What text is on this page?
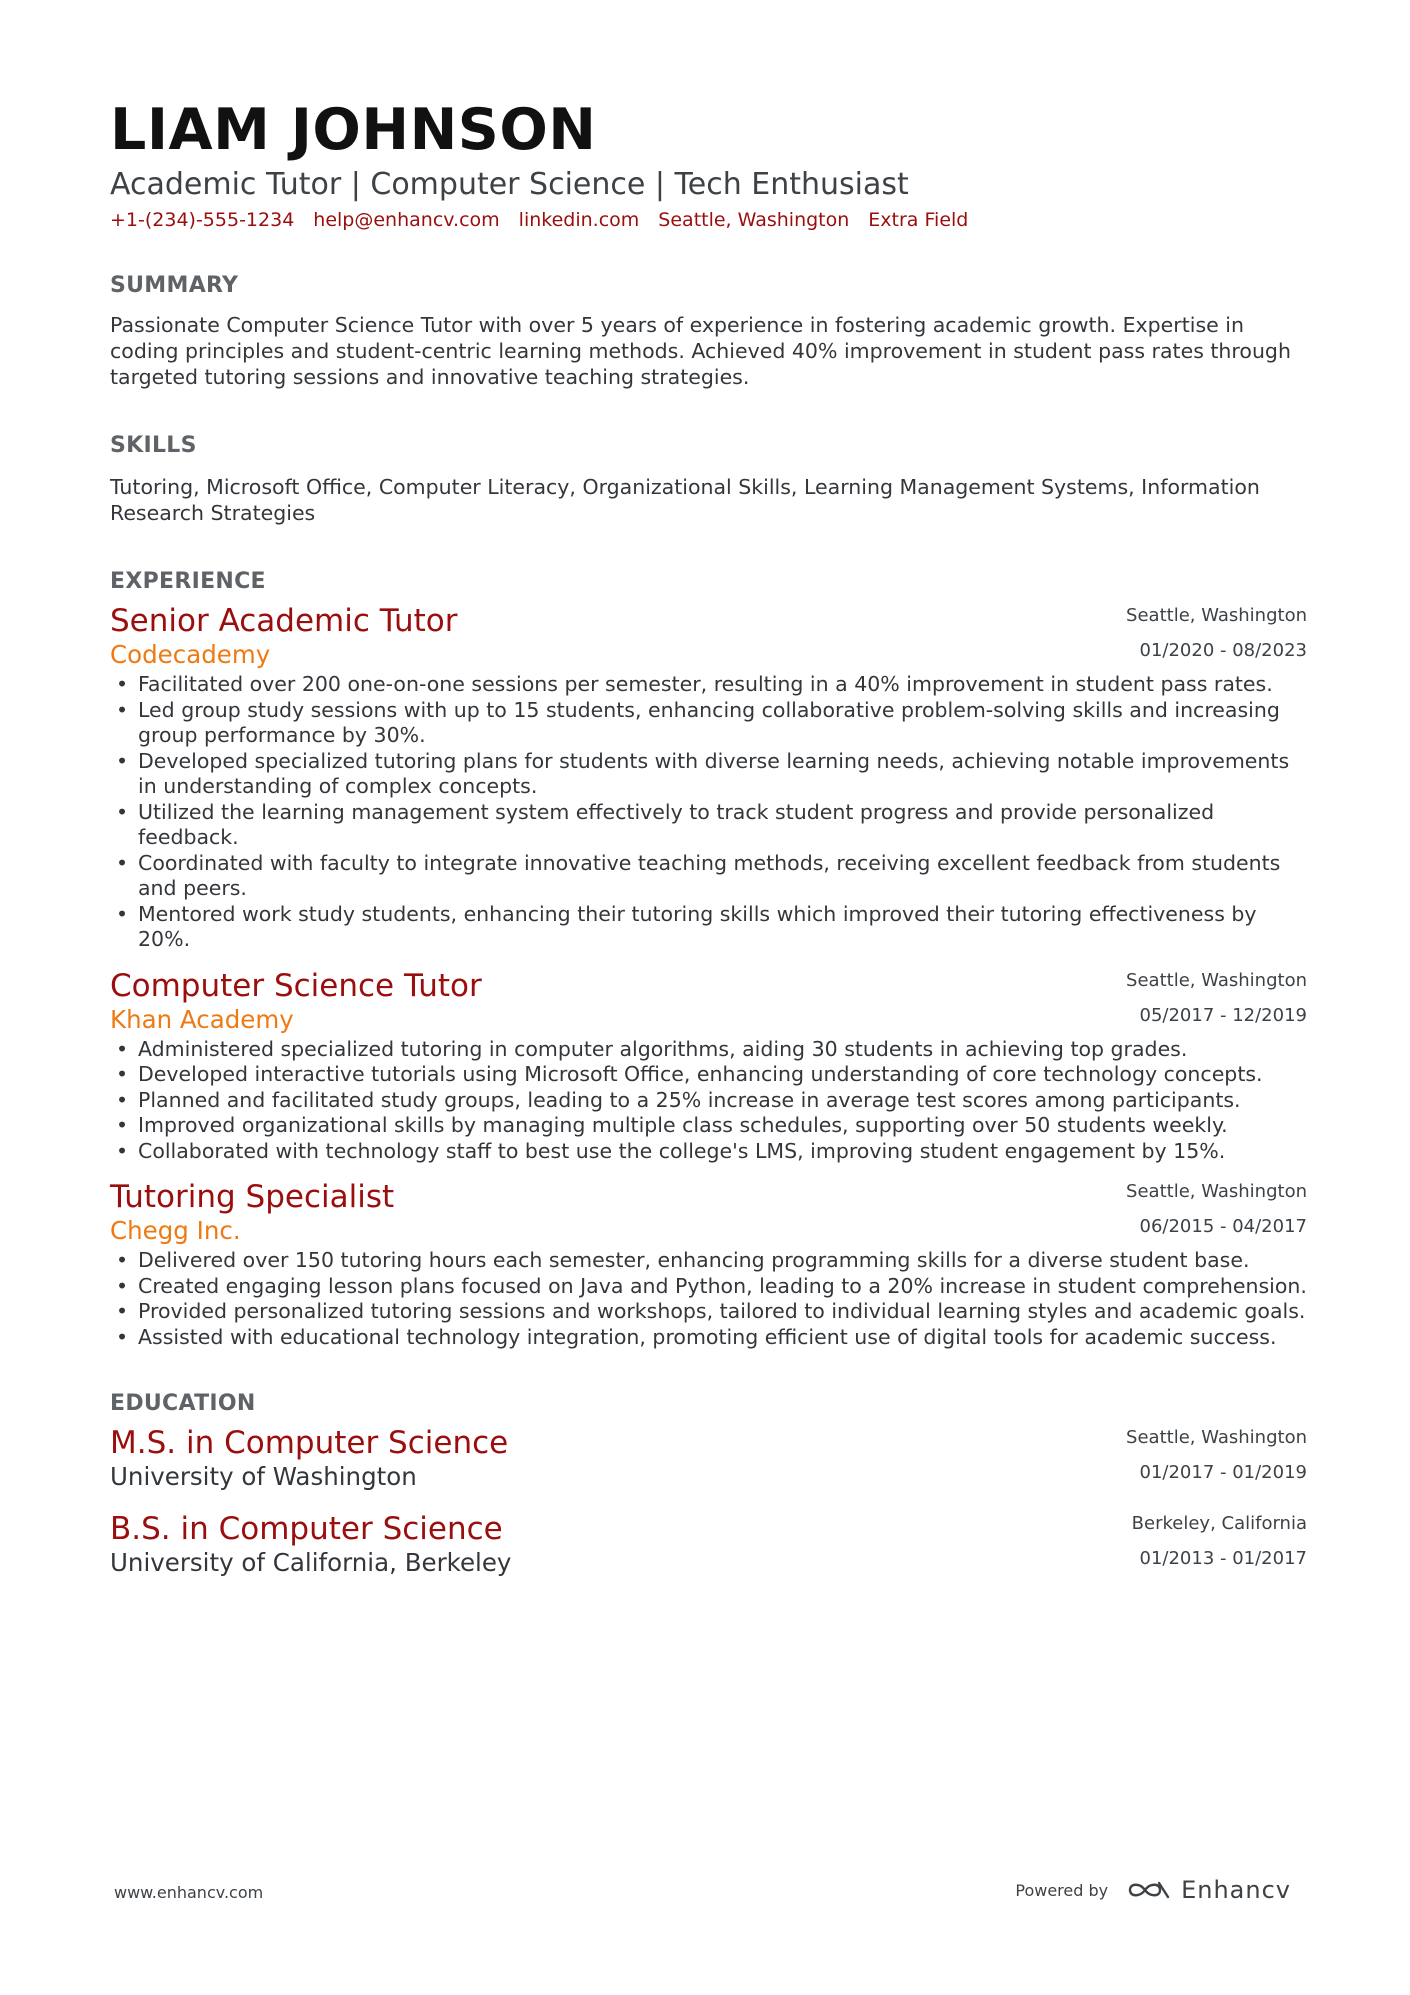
LIAM JOHNSON
Academic Tutor | Computer Science | Tech Enthusiast
+1-(234)-555-1234 help@enhancv.com linkedin.com Seattle, Washington Extra Field
SUMMARY

Passionate Computer Science Tutor with over 5 years of experience in fostering academic growth. Expertise in coding principles and student-centric learning methods. Achieved 40% improvement in student pass rates through targeted tutoring sessions and innovative teaching strategies.

SKILLS

Tutoring, Microsoft Office, Computer Literacy, Organizational Skills, Learning Management Systems, Information Research Strategies

EXPERIENCE
Senior Academic Tutor
Codecademy
Seattle, Washington
01/2020 - 08/2023
• Facilitated over 200 one-on-one sessions per semester, resulting in a 40% improvement in student pass rates.
• Led group study sessions with up to 15 students, enhancing collaborative problem-solving skills and increasing group performance by 30%.
• Developed specialized tutoring plans for students with diverse learning needs, achieving notable improvements in understanding of complex concepts.
• Utilized the learning management system effectively to track student progress and provide personalized feedback.
• Coordinated with faculty to integrate innovative teaching methods, receiving excellent feedback from students and peers.
• Mentored work study students, enhancing their tutoring skills which improved their tutoring effectiveness by 20%.
Computer Science Tutor
Khan Academy
Seattle, Washington
05/2017 - 12/2019
• Administered specialized tutoring in computer algorithms, aiding 30 students in achieving top grades.
• Developed interactive tutorials using Microsoft Office, enhancing understanding of core technology concepts.
• Planned and facilitated study groups, leading to a 25% increase in average test scores among participants.
• Improved organizational skills by managing multiple class schedules, supporting over 50 students weekly.
• Collaborated with technology staff to best use the college's LMS, improving student engagement by 15%.
Tutoring Specialist
Chegg Inc.
Seattle, Washington
06/2015 - 04/2017
• Delivered over 150 tutoring hours each semester, enhancing programming skills for a diverse student base.
• Created engaging lesson plans focused on Java and Python, leading to a 20% increase in student comprehension.
• Provided personalized tutoring sessions and workshops, tailored to individual learning styles and academic goals.
• Assisted with educational technology integration, promoting efficient use of digital tools for academic success.
EDUCATION
M.S. in Computer Science
University of Washington
Seattle, Washington
01/2017 - 01/2019
B.S. in Computer Science
University of California, Berkeley
Berkeley, California
01/2013 - 01/2017
www.enhancv.com	Powered by	Enhancv
